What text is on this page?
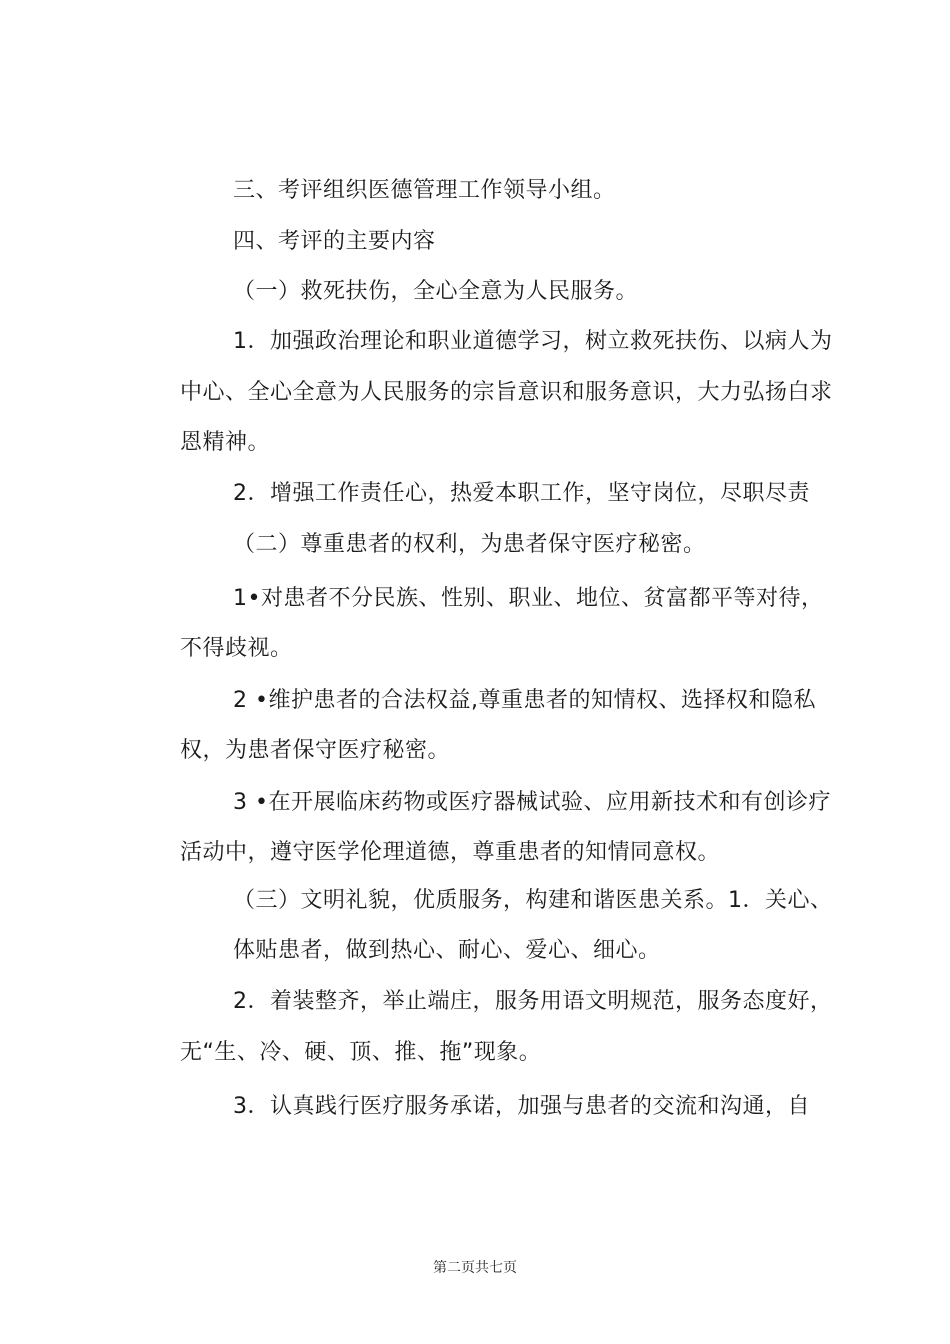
三、考评组织医德管理工作领导小组。
四、考评的主要内容
（一）救死扶伤，全心全意为人民服务。
1．加强政治理论和职业道德学习，树立救死扶伤、以病人为
中心、全心全意为人民服务的宗旨意识和服务意识，大力弘扬白求
恩精神。
2．增强工作责任心，热爱本职工作，坚守岗位，尽职尽责
（二）尊重患者的权利，为患者保守医疗秘密。
1•对患者不分民族、性别、职业、地位、贫富都平等对待，
不得歧视。
2 •维护患者的合法权益,尊重患者的知情权、选择权和隐私
权，为患者保守医疗秘密。
3 •在开展临床药物或医疗器械试验、应用新技术和有创诊疗
活动中，遵守医学伦理道德，尊重患者的知情同意权。
（三）文明礼貌，优质服务，构建和谐医患关系。1．关心、
体贴患者，做到热心、耐心、爱心、细心。
2．着装整齐，举止端庄，服务用语文明规范，服务态度好，
无“生、冷、硬、顶、推、拖”现象。
3．认真践行医疗服务承诺，加强与患者的交流和沟通，自
第二页共七页
